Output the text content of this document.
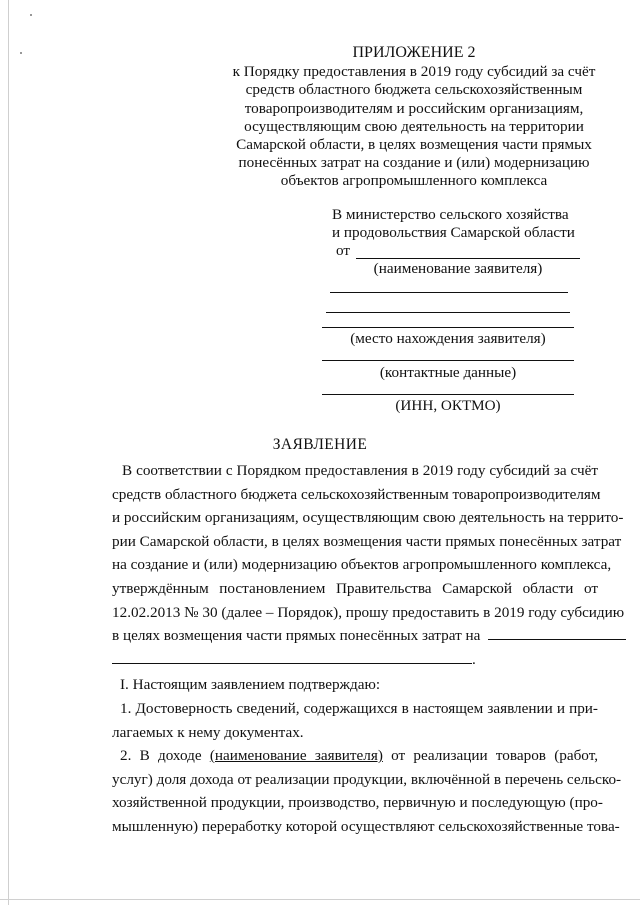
ПРИЛОЖЕНИЕ 2
к Порядку предоставления в 2019 году субсидий за счёт
средств областного бюджета сельскохозяйственным
товаропроизводителям и российским организациям,
осуществляющим свою деятельность на территории
Самарской области, в целях возмещения части прямых
понесённых затрат на создание и (или) модернизацию
объектов агропромышленного комплекса
В министерство сельского хозяйства
и продовольствия Самарской области
от
(наименование заявителя)
(место нахождения заявителя)
(контактные данные)
(ИНН, ОКТМО)
ЗАЯВЛЕНИЕ
В соответствии с Порядком предоставления в 2019 году субсидий за счёт
средств областного бюджета сельскохозяйственным товаропроизводителям
и российским организациям, осуществляющим свою деятельность на террито-
рии Самарской области, в целях возмещения части прямых понесённых затрат
на создание и (или) модернизацию объектов агропромышленного комплекса,
утверждённым постановлением Правительства Самарской области от
12.02.2013 № 30 (далее – Порядок), прошу предоставить в 2019 году субсидию
в целях возмещения части прямых понесённых затрат на
.
I. Настоящим заявлением подтверждаю:
1. Достоверность сведений, содержащихся в настоящем заявлении и при-
лагаемых к нему документах.
2. В доходе (наименование заявителя) от реализации товаров (работ,
услуг) доля дохода от реализации продукции, включённой в перечень сельско-
хозяйственной продукции, производство, первичную и последующую (про-
мышленную) переработку которой осуществляют сельскохозяйственные това-
